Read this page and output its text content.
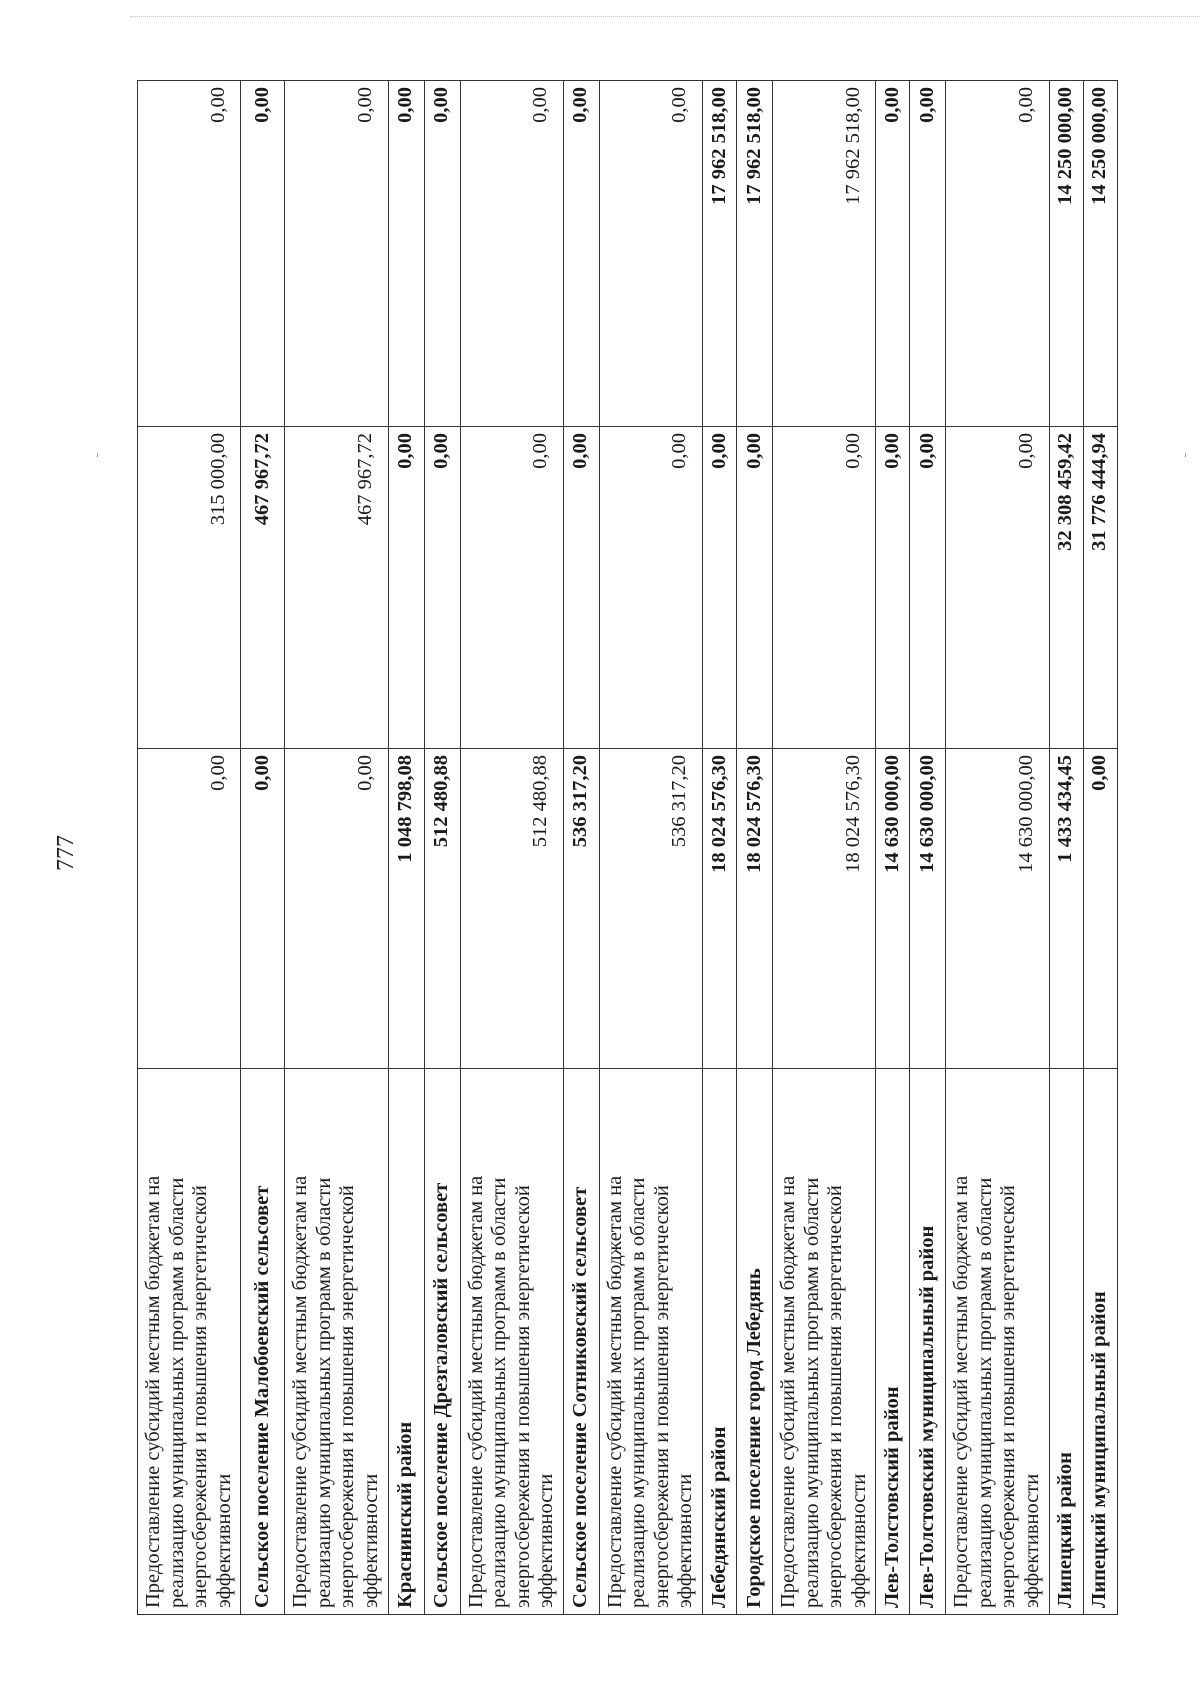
777
Предоставление субсидий местным бюджетам на реализацию муниципальных программ в области энергосбережения и повышения энергетической эффективности	0,00	315 000,00	0,00
Сельское поселение Малобоевский сельсовет	0,00	467 967,72	0,00
Предоставление субсидий местным бюджетам на реализацию муниципальных программ в области энергосбережения и повышения энергетической эффективности	0,00	467 967,72	0,00
Краснинский район	1 048 798,08	0,00	0,00
Сельское поселение Дрезгаловский сельсовет	512 480,88	0,00	0,00
Предоставление субсидий местным бюджетам на реализацию муниципальных программ в области энергосбережения и повышения энергетической эффективности	512 480,88	0,00	0,00
Сельское поселение Сотниковский сельсовет	536 317,20	0,00	0,00
Предоставление субсидий местным бюджетам на реализацию муниципальных программ в области энергосбережения и повышения энергетической эффективности	536 317,20	0,00	0,00
Лебедянский район	18 024 576,30	0,00	17 962 518,00
Городское поселение город Лебедянь	18 024 576,30	0,00	17 962 518,00
Предоставление субсидий местным бюджетам на реализацию муниципальных программ в области энергосбережения и повышения энергетической эффективности	18 024 576,30	0,00	17 962 518,00
Лев-Толстовский район	14 630 000,00	0,00	0,00
Лев-Толстовский муниципальный район	14 630 000,00	0,00	0,00
Предоставление субсидий местным бюджетам на реализацию муниципальных программ в области энергосбережения и повышения энергетической эффективности	14 630 000,00	0,00	0,00
Липецкий район	1 433 434,45	32 308 459,42	14 250 000,00
Липецкий муниципальный район	0,00	31 776 444,94	14 250 000,00
